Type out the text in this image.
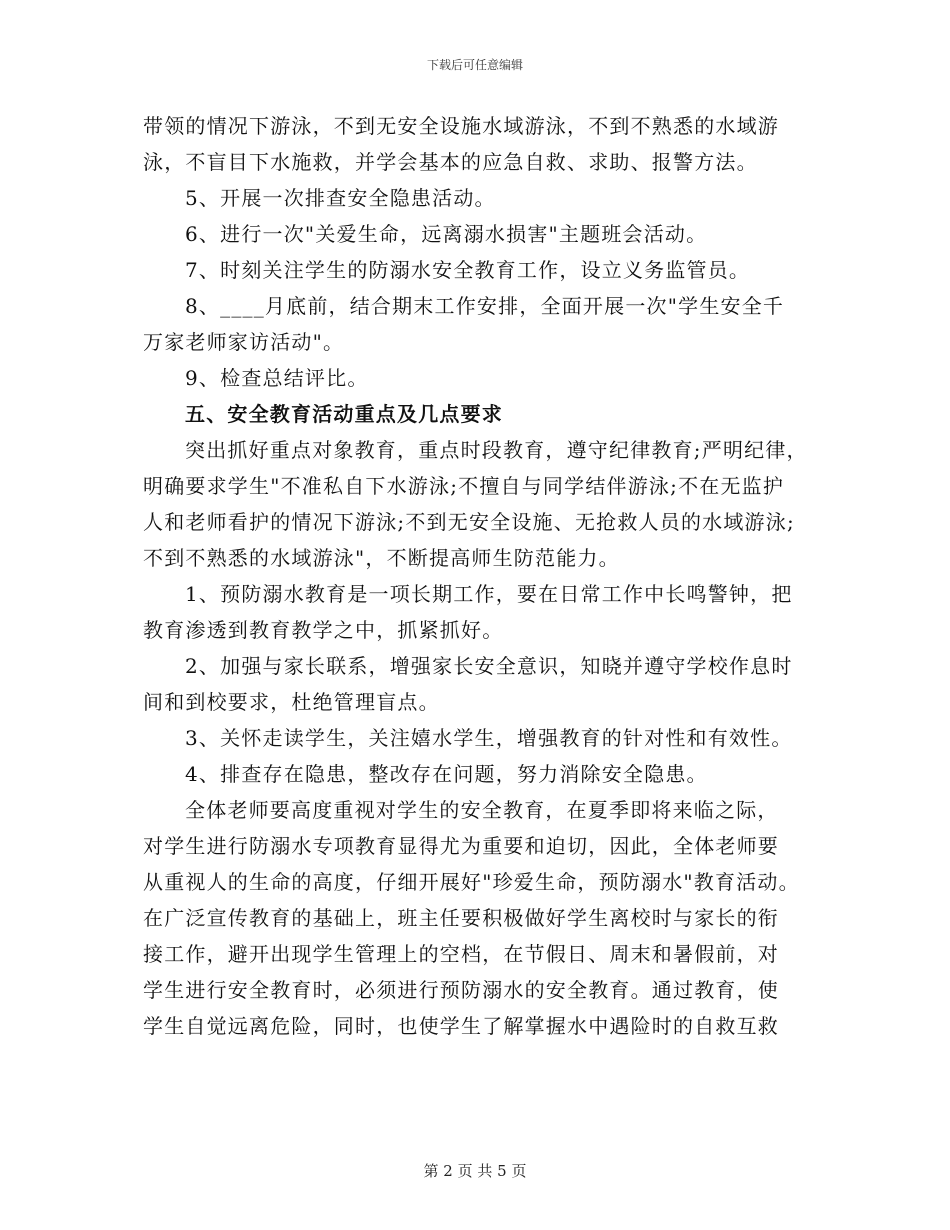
下载后可任意编辑
带领的情况下游泳，不到无安全设施水域游泳，不到不熟悉的水域游
泳，不盲目下水施救，并学会基本的应急自救、求助、报警方法。
5、开展一次排查安全隐患活动。
6、进行一次"关爱生命，远离溺水损害"主题班会活动。
7、时刻关注学生的防溺水安全教育工作，设立义务监管员。
8、____月底前，结合期末工作安排，全面开展一次"学生安全千
万家老师家访活动"。
9、检查总结评比。
五、安全教育活动重点及几点要求
突出抓好重点对象教育，重点时段教育，遵守纪律教育;严明纪律，
明确要求学生"不准私自下水游泳;不擅自与同学结伴游泳;不在无监护
人和老师看护的情况下游泳;不到无安全设施、无抢救人员的水域游泳;
不到不熟悉的水域游泳"，不断提高师生防范能力。
1、预防溺水教育是一项长期工作，要在日常工作中长鸣警钟，把
教育渗透到教育教学之中，抓紧抓好。
2、加强与家长联系，增强家长安全意识，知晓并遵守学校作息时
间和到校要求，杜绝管理盲点。
3、关怀走读学生，关注嬉水学生，增强教育的针对性和有效性。
4、排查存在隐患，整改存在问题，努力消除安全隐患。
全体老师要高度重视对学生的安全教育，在夏季即将来临之际，
对学生进行防溺水专项教育显得尤为重要和迫切，因此，全体老师要
从重视人的生命的高度，仔细开展好"珍爱生命，预防溺水"教育活动。
在广泛宣传教育的基础上，班主任要积极做好学生离校时与家长的衔
接工作，避开出现学生管理上的空档，在节假日、周末和暑假前，对
学生进行安全教育时，必须进行预防溺水的安全教育。通过教育，使
学生自觉远离危险，同时，也使学生了解掌握水中遇险时的自救互救
第 2 页 共 5 页
